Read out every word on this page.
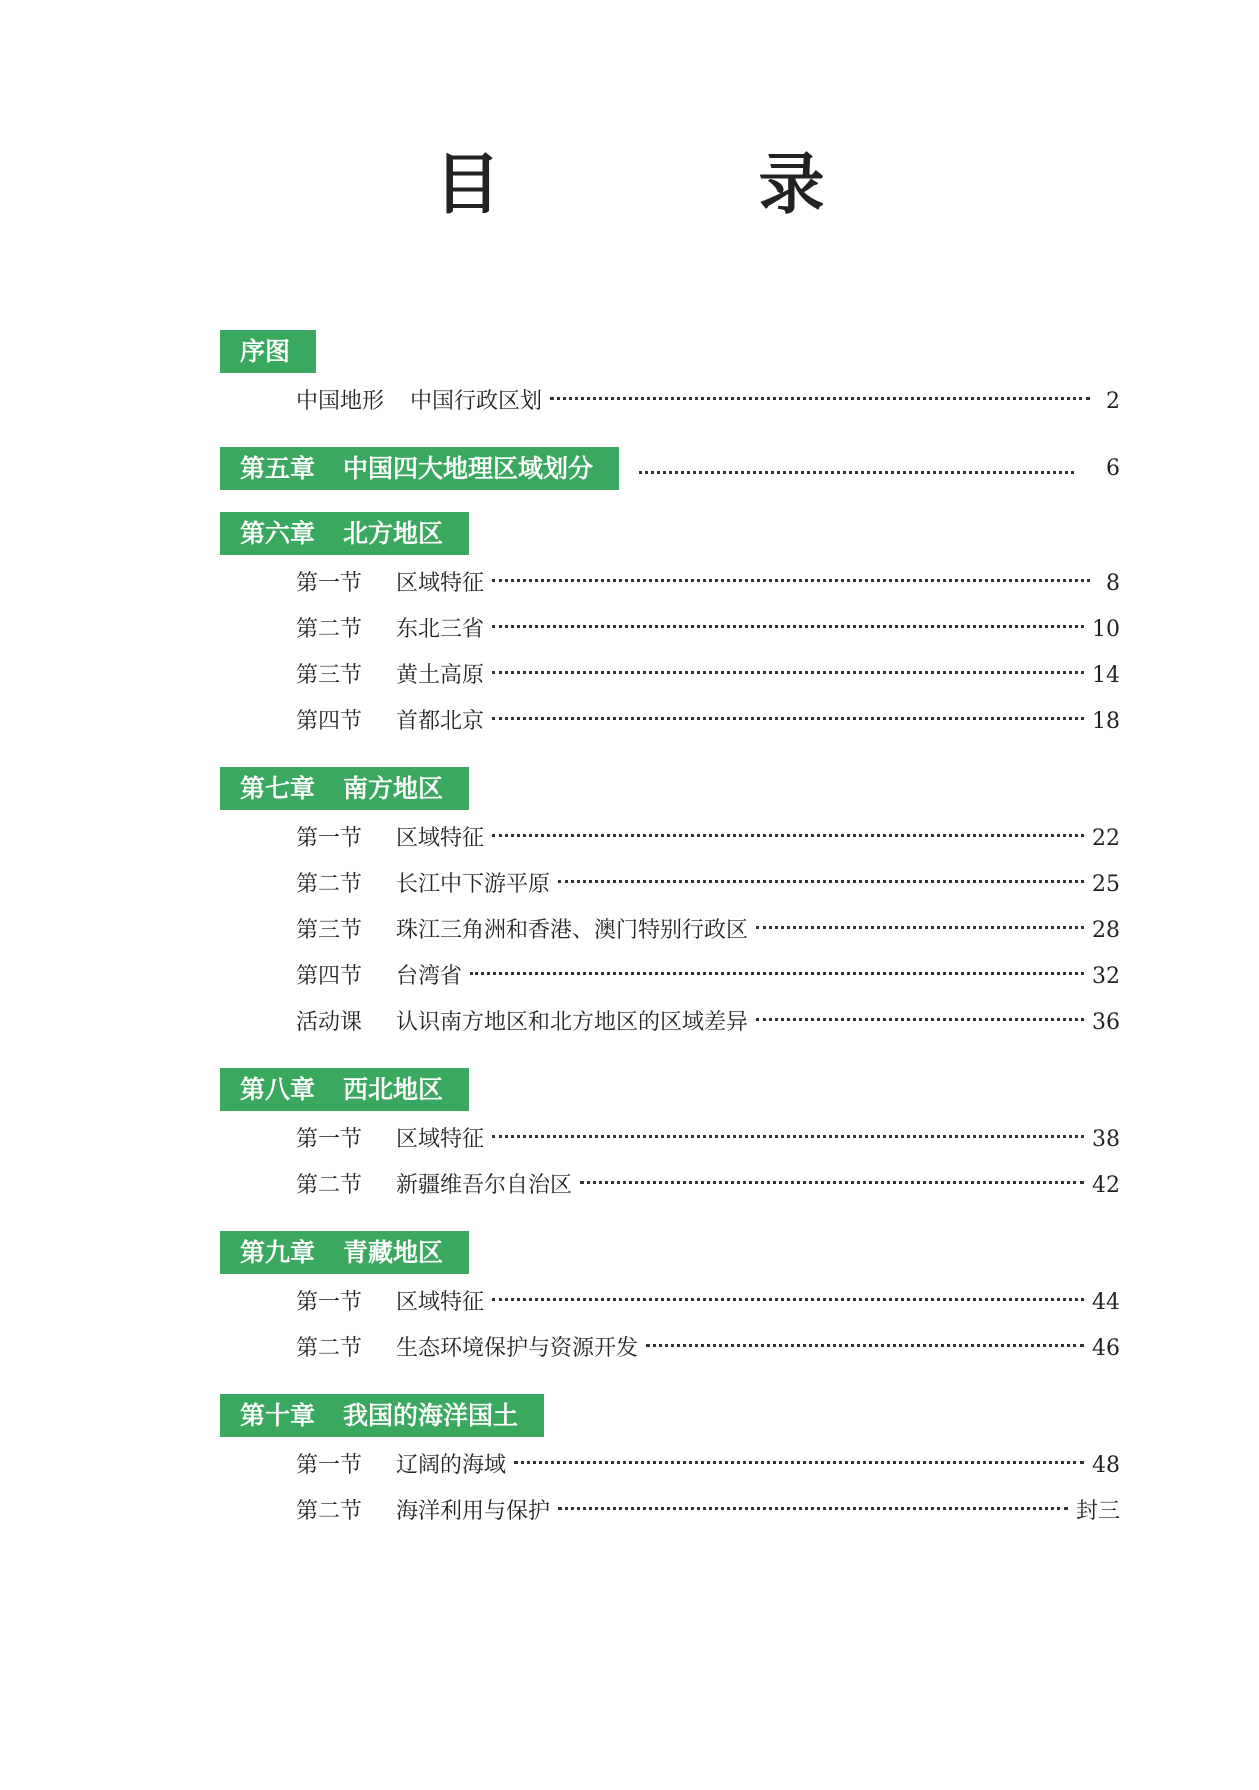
目　录
序图
中国地形 中国行政区划	2
第五章 中国四大地理区域划分	6
第六章 北方地区
第一节	区域特征	8
第二节	东北三省	10
第三节	黄土高原	14
第四节	首都北京	18
第七章 南方地区
第一节	区域特征	22
第二节	长江中下游平原	25
第三节	珠江三角洲和香港、澳门特别行政区	28
第四节	台湾省	32
活动课	认识南方地区和北方地区的区域差异	36
第八章 西北地区
第一节	区域特征	38
第二节	新疆维吾尔自治区	42
第九章 青藏地区
第一节	区域特征	44
第二节	生态环境保护与资源开发	46
第十章 我国的海洋国土
第一节	辽阔的海域	48
第二节	海洋利用与保护	封三
